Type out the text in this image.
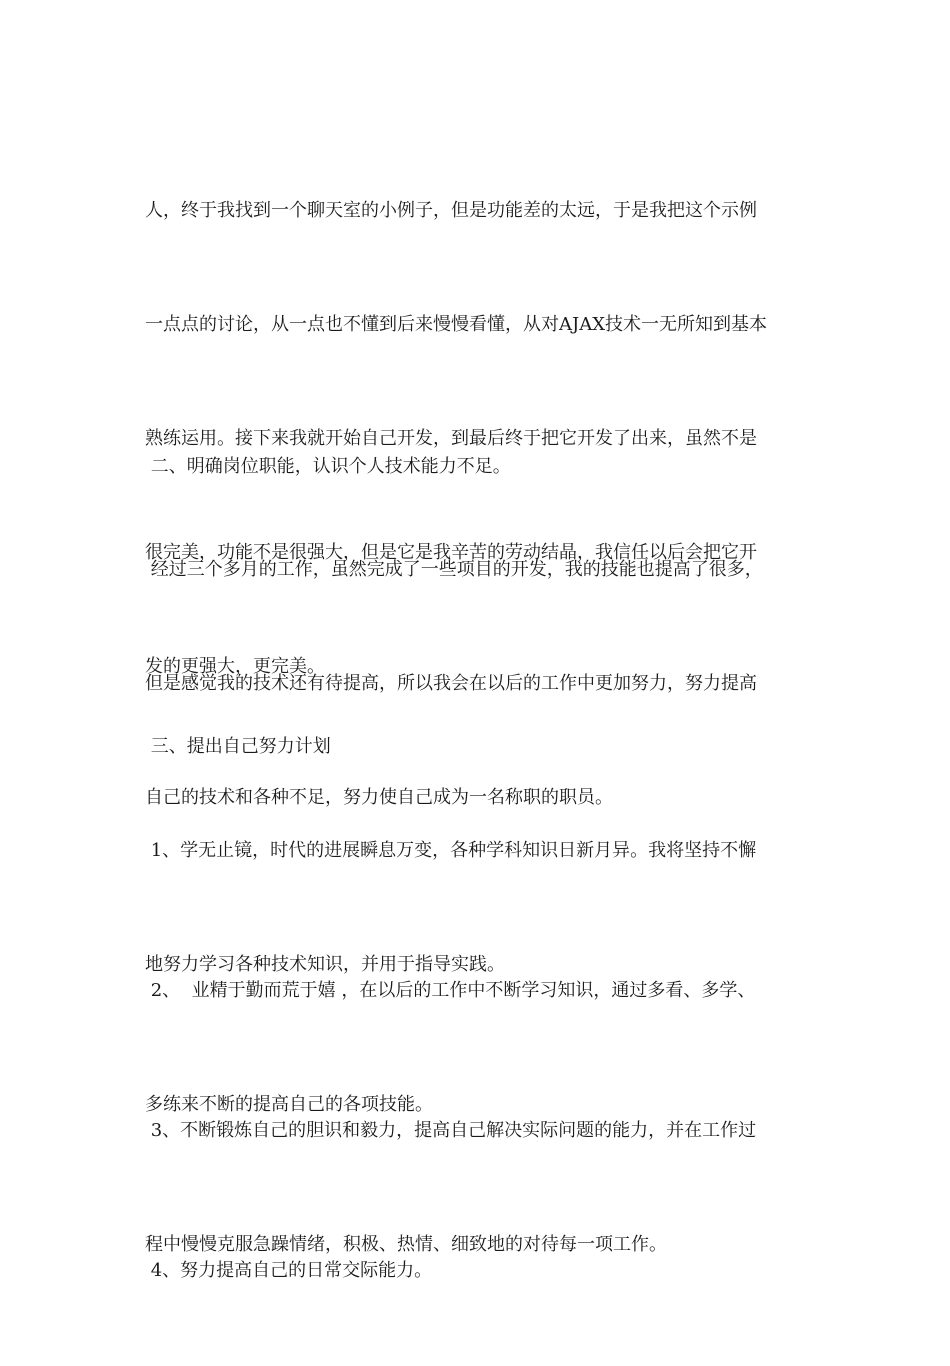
人，终于我找到一个聊天室的小例子，但是功能差的太远，于是我把这个示例

一点点的讨论，从一点也不懂到后来慢慢看懂，从对AJAX技术一无所知到基本

熟练运用。接下来我就开始自己开发，到最后终于把它开发了出来，虽然不是

很完美，功能不是很强大，但是它是我辛苦的劳动结晶，我信任以后会把它开

发的更强大，更完美。

二、明确岗位职能，认识个人技术能力不足。

经过三个多月的工作，虽然完成了一些项目的开发，我的技能也提高了很多，

但是感觉我的技术还有待提高，所以我会在以后的工作中更加努力，努力提高

自己的技术和各种不足，努力使自己成为一名称职的职员。

三、提出自己努力计划

1、学无止镜，时代的进展瞬息万变，各种学科知识日新月异。我将坚持不懈

地努力学习各种技术知识，并用于指导实践。

2、  业精于勤而荒于嬉 ，在以后的工作中不断学习知识，通过多看、多学、

多练来不断的提高自己的各项技能。

3、不断锻炼自己的胆识和毅力，提高自己解决实际问题的能力，并在工作过

程中慢慢克服急躁情绪，积极、热情、细致地的对待每一项工作。

4、努力提高自己的日常交际能力。
